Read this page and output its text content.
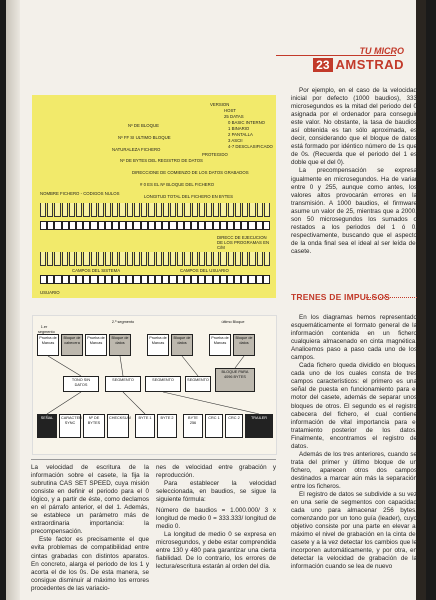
TU MICRO
23 AMSTRAD
VERSION
HOST
25 DATAS
0 BASIC INTERNO
1 BINARIO
2 PANTALLA
3 ASCII
4-7 DESCLASIFICADO
PROTEGIDO
Nº DE BLOQUE
Nº FF SI ULTIMO BLOQUE
NATURALEZA FICHERO
Nº DE BYTES DEL REGISTRO DE DATOS
DIRECCIONE DE COMIENZO DE LOS DATOS GRABADOS
# 0 ES EL Nº BLOQUE DEL FICHERO
LONGITUD TOTAL DEL FICHERO EN BYTES
NOMBRE FICHERO - CODIGOS NULOS
DIRECC DE EJECUCION DE LOS PROGRAMAS EN C/M
CAMPOS DEL SISTEMA	CAMPOS DEL USUARIO
USUARIO
1.er segmento
2.º segmento	último Bloque
Prueba de Marcas
Bloque de cabecera
Prueba de Marcas
Bloque de datos
Prueba de Marcas
Bloque de datos
Prueba de Marcas
Bloque de datos
TONO SIN DATOS
SEGMENTO	SEGMENTO	SEGMENTO
BLOQUE PARA 4096 BYTES
SEÑAL	CARACTER SYNC
Nº DE BYTES
CHECKSUM	BYTE 1	BYTE 2	BYTE 256
CRC 1	CRC 2	TRAILER

La velocidad de escritura de la información sobre el casete, la fija la subrutina CAS SET SPEED, cuya misión consiste en definir el periodo para el 0 lógico, y a partir de éste, como declamos en el párrafo anterior, el del 1. Además, se establece un parámetro más de extraordinaria importancia: la precompensación.

Este factor es precisamente el que evita problemas de compatibilidad entre cintas grabadas con distintos aparatos. En concreto, alarga el periodo de los 1 y acorta el de los 0s. De esta manera, se consigue disminuir al máximo los errores procedentes de las variacio-

nes de velocidad entre grabación y reproducción.

Para establecer la velocidad seleccionada, en baudios, se sigue la siguiente fórmula:

Número de baudios = 1.000.000/ 3 x longitud de medio 0 = 333.333/ longitud de medio 0.

La longitud de medio 0 se expresa en microsegundos, y debe estar comprendida entre 130 y 480 para garantizar una cierta fiabilidad. De lo contrario, los errores de lectura/escritura estarán al orden del día.

Por ejemplo, en el caso de la velocidad inicial por defecto (1000 baudios), 333 microsegundos es la mitad del periodo del 0 asignada por el ordenador para conseguir este valor. No obstante, la tasa de baudios así obtenida es tan sólo aproximada, es decir, considerando que el bloque de datos está formado por idéntico número de 1s que de 0s. (Recuerda que el periodo del 1 es doble que el del 0).

La precompensación se expresa igualmente en microsegundos. Ha de variar entre 0 y 255, aunque como antes, los valores altos provocarán errores en la transmisión. A 1000 baudios, el firmware asume un valor de 25, mientras que a 2000, son 50 microsegundos los sumados o restados a los periodos del 1 ó 0, respectivamente, buscando que el aspecto de la onda final sea el ideal al ser leída del casete.

TRENES DE IMPULSOS

En los diagramas hemos representado esquemáticamente el formato general de la información contenida en un fichero cualquiera almacenado en cinta magnética. Analicemos paso a paso cada uno de los campos.

Cada fichero queda dividido en bloques, cada uno de los cuales consta de tres campos característicos: el primero es una señal de puesta en funcionamiento para el motor del casete, además de separar unos bloques de otros. El segundo es el registro cabecera del fichero, el cual contiene información de vital importancia para el tratamiento posterior de los datos. Finalmente, encontramos el registro de datos.

Además de los tres anteriores, cuando se trata del primer y último bloque de un fichero, aparecen otros dos campos destinados a marcar aún más la separación entre los ficheros.

El registro de datos se subdivide a su vez en una serie de segmentos con capacidad cada uno para almacenar 256 bytes, comenzando por un tono guía (leader), cuyo objetivo consiste por una parte en elevar al máximo el nivel de grabación en la cinta del casete y a la vez detectar los cambios que le incorporen automáticamente, y por otra, en detectar la velocidad de grabación de la información cuando se lea de nuevo
